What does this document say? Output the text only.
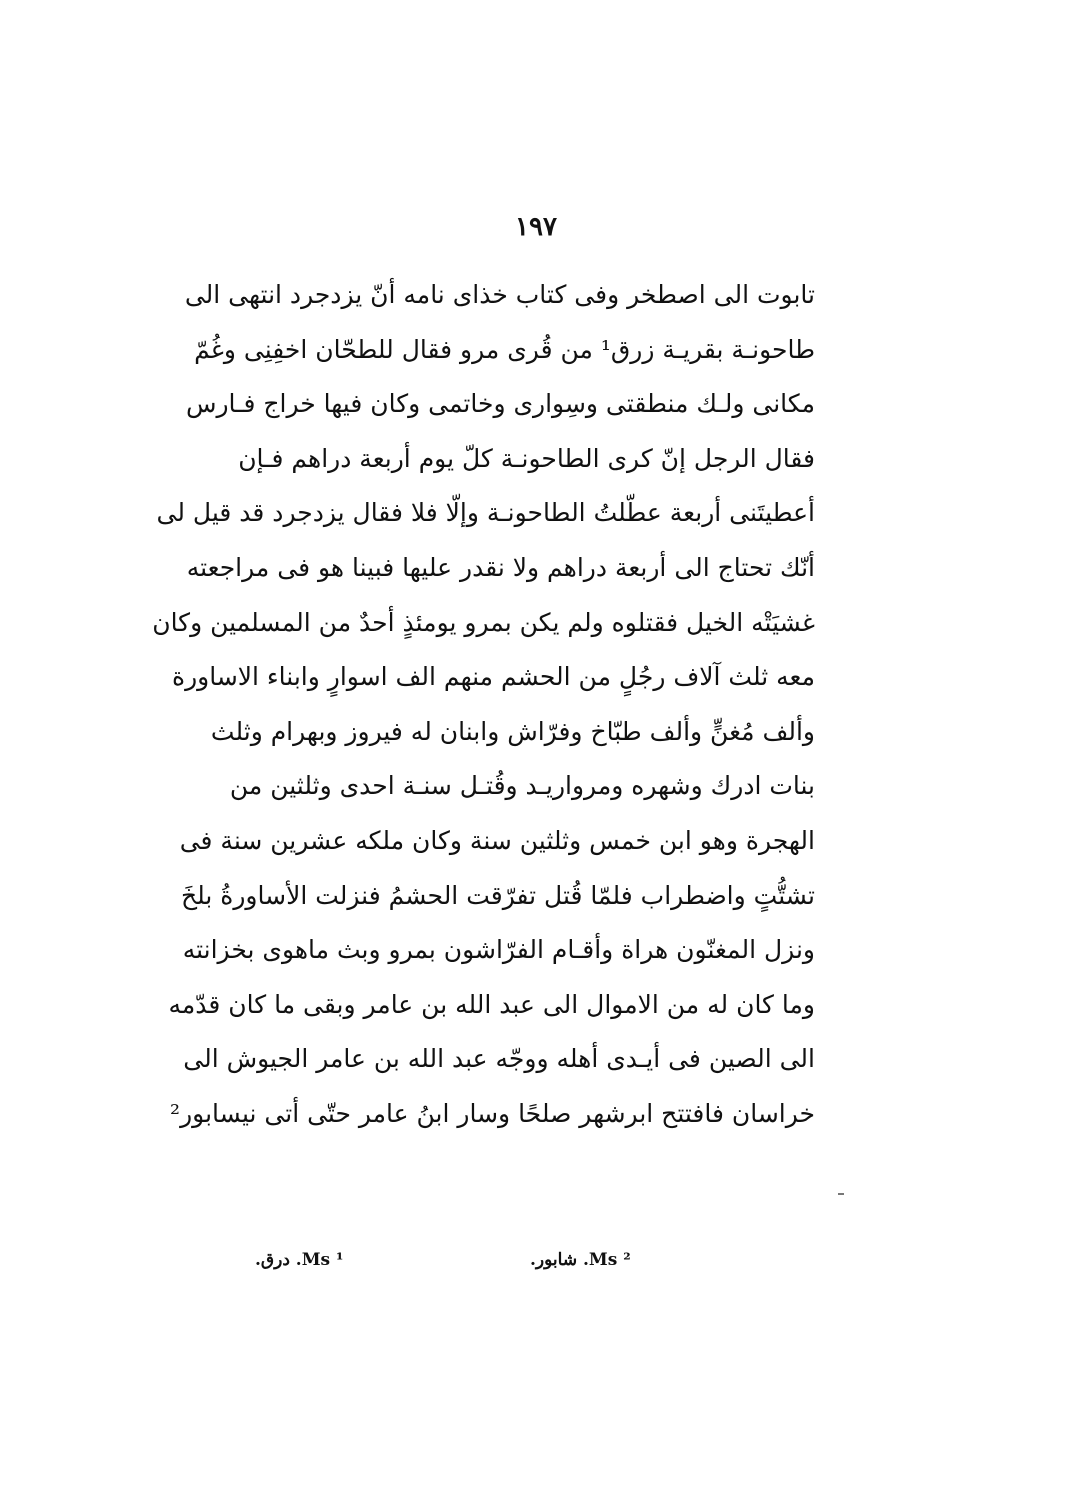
١٩٧
تابوت الى اصطخر وفى كتاب خذاى نامه أنّ يزدجرد انتهى الى
طاحونـة بقريـة زرق¹ من قُرى مرو فقال للطحّان اخفِنِى وغُمّ
مكانى ولـك منطقتى وسِوارى وخاتمى وكان فيها خراج فـارس
فقال الرجل إنّ كرى الطاحونـة كلّ يوم أربعة دراهم فـإن
أعطيتَنى أربعة عطّلتُ الطاحونـة وإلّا فلا فقال يزدجرد قد قيل لى
أنّك تحتاج الى أربعة دراهم ولا نقدر عليها فبينا هو فى مراجعته
غشيَتْه الخيل فقتلوه ولم يكن بمرو يومئذٍ أحدٌ من المسلمين وكان
معه ثلث آلاف رجُلٍ من الحشم منهم الف اسوارٍ وابناء الاساورة
وألف مُغنٍّ وألف طبّاخ وفرّاش وابنان له فيروز وبهرام وثلث
بنات ادرك وشهره ومرواريـد وقُتـل سنـة احدى وثلثين من
الهجرة وهو ابن خمس وثلثين سنة وكان ملكه عشرين سنة فى
تشتُّتٍ واضطراب فلمّا قُتل تفرّقت الحشمُ فنزلت الأساورةُ بلخَ
ونزل المغنّون هراة وأقـام الفرّاشون بمرو وبث ماهوى بخزانته
وما كان له من الاموال الى عبد الله بن عامر وبقى ما كان قدّمه
الى الصين فى أيـدى أهله ووجّه عبد الله بن عامر الجيوش الى
خراسان فافتتح ابرشهر صلحًا وسار ابنُ عامر حتّى أتى نيسابور²
¹ Ms. درق.	² Ms. شابور.
